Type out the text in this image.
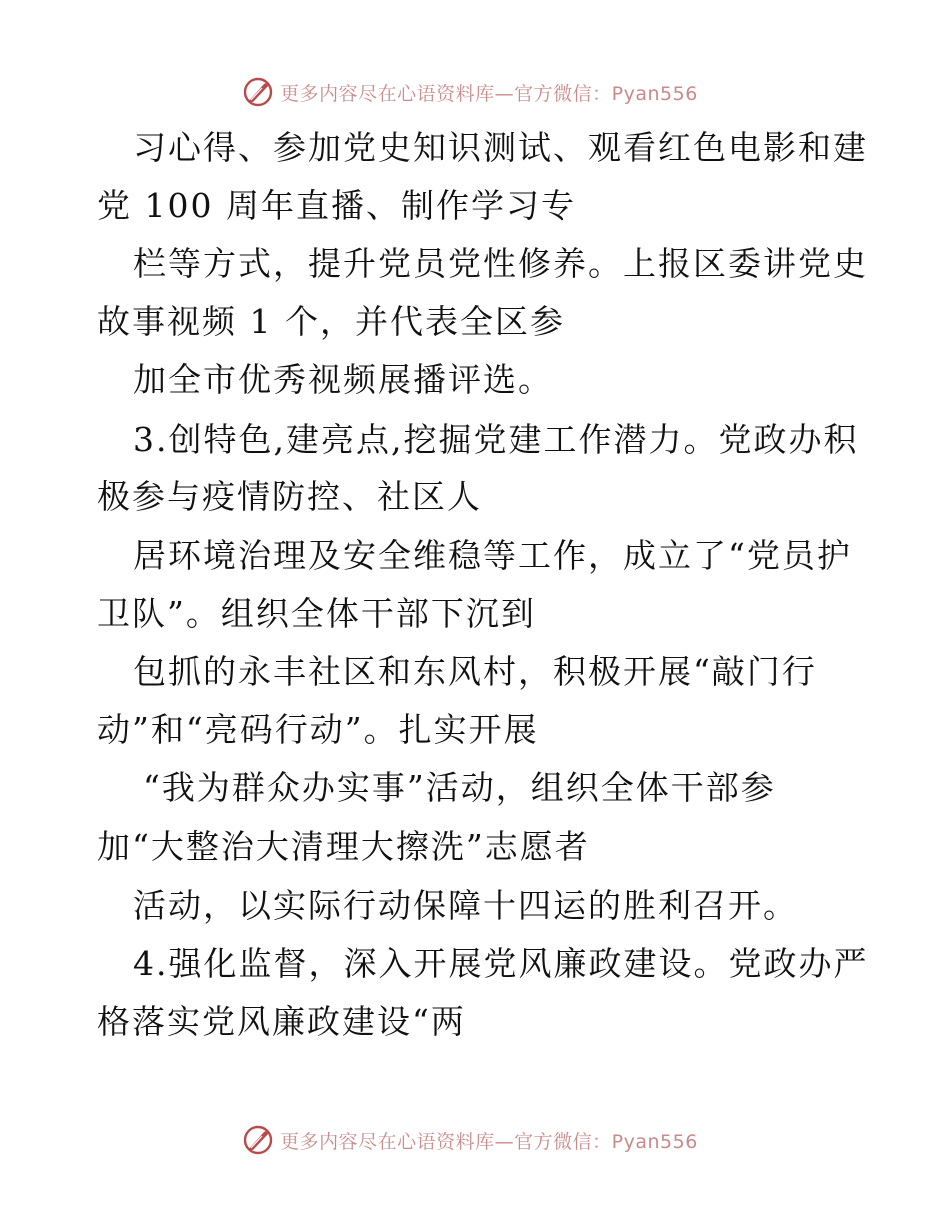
更多内容尽在心语资料库—官方微信：Pyan556
习心得、参加党史知识测试、观看红色电影和建
党 100 周年直播、制作学习专
栏等方式，提升党员党性修养。上报区委讲党史
故事视频 1 个，并代表全区参
加全市优秀视频展播评选。
3.创特色,建亮点,挖掘党建工作潜力。党政办积
极参与疫情防控、社区人
居环境治理及安全维稳等工作，成立了“党员护
卫队”。组织全体干部下沉到
包抓的永丰社区和东风村，积极开展“敲门行
动”和“亮码行动”。扎实开展
“我为群众办实事”活动，组织全体干部参
加“大整治大清理大擦洗”志愿者
活动，以实际行动保障十四运的胜利召开。
4.强化监督，深入开展党风廉政建设。党政办严
格落实党风廉政建设“两
更多内容尽在心语资料库—官方微信：Pyan556
